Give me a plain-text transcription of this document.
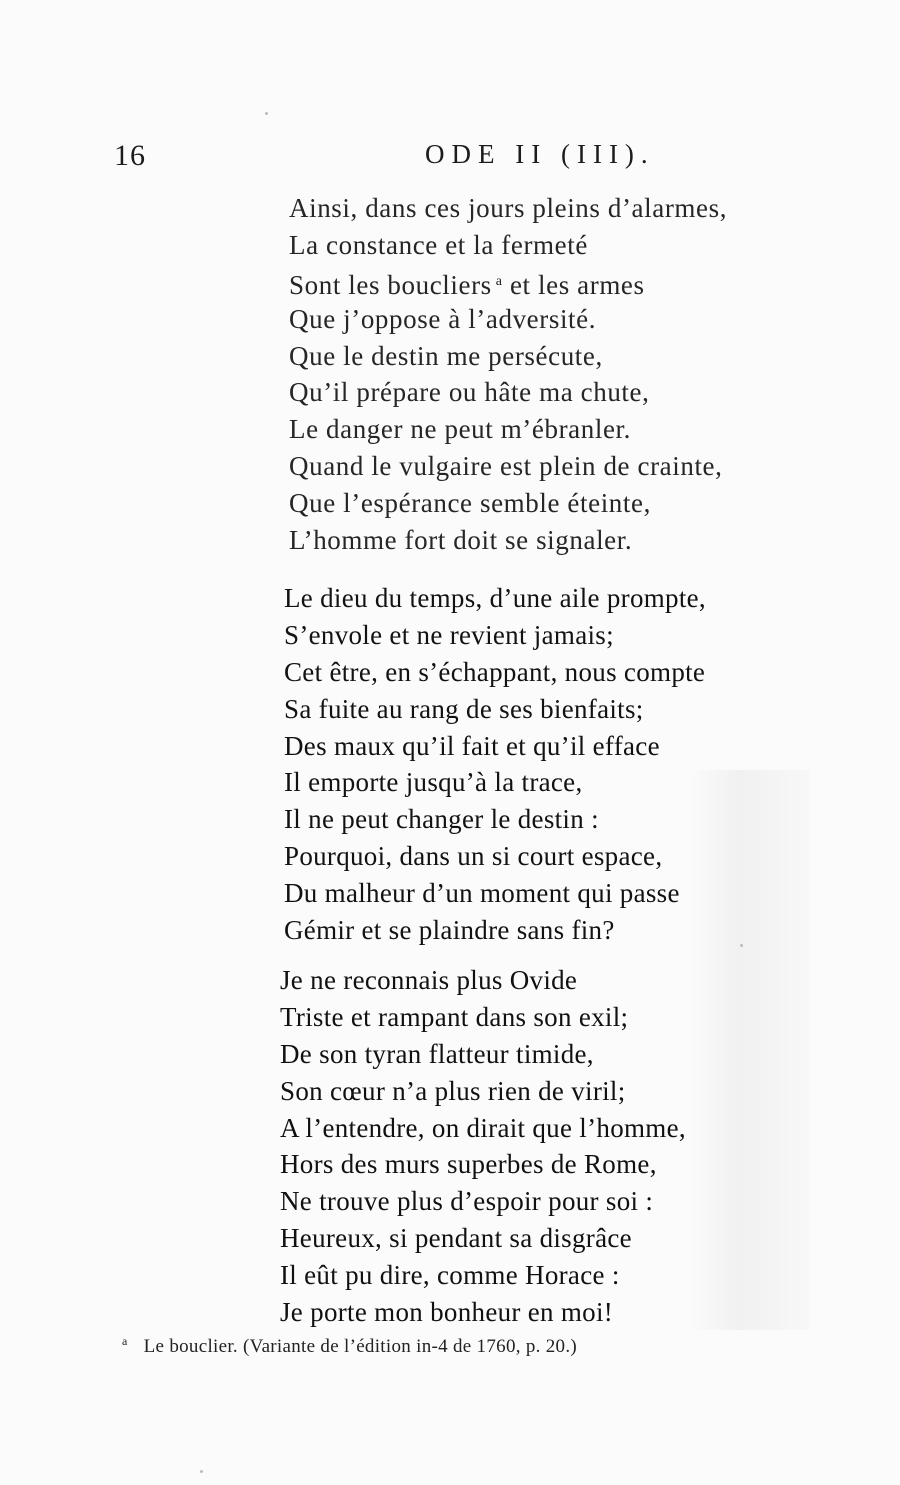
16	ODE II (III).
Ainsi, dans ces jours pleins d’alarmes,
La constance et la fermeté
Sont les boucliers $^a$ et les armes
Que j’oppose à l’adversité.
Que le destin me persécute,
Qu’il prépare ou hâte ma chute,
Le danger ne peut m’ébranler.
Quand le vulgaire est plein de crainte,
Que l’espérance semble éteinte,
L’homme fort doit se signaler.
Le dieu du temps, d’une aile prompte,
S’envole et ne revient jamais;
Cet être, en s’échappant, nous compte
Sa fuite au rang de ses bienfaits;
Des maux qu’il fait et qu’il efface
Il emporte jusqu’à la trace,
Il ne peut changer le destin :
Pourquoi, dans un si court espace,
Du malheur d’un moment qui passe
Gémir et se plaindre sans fin?
Je ne reconnais plus Ovide
Triste et rampant dans son exil;
De son tyran flatteur timide,
Son cœur n’a plus rien de viril;
A l’entendre, on dirait que l’homme,
Hors des murs superbes de Rome,
Ne trouve plus d’espoir pour soi :
Heureux, si pendant sa disgrâce
Il eût pu dire, comme Horace :
Je porte mon bonheur en moi!
$^a$ Le bouclier. (Variante de l’édition in-4 de 1760, p. 20.)
